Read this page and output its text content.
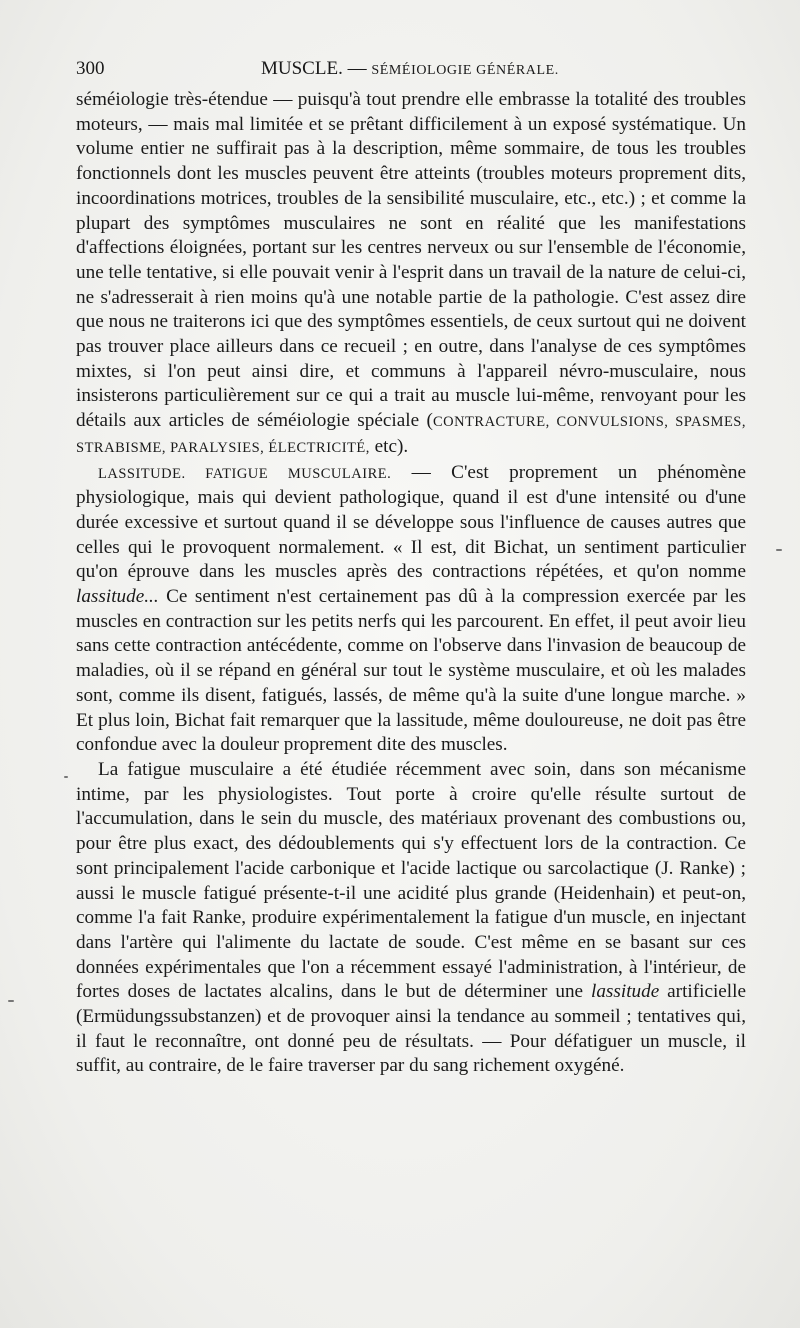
300	MUSCLE. — SÉMÉIOLOGIE GÉNÉRALE.

séméiologie très-étendue — puisqu'à tout prendre elle embrasse la totalité des troubles moteurs, — mais mal limitée et se prêtant difficilement à un exposé systématique. Un volume entier ne suffirait pas à la description, même sommaire, de tous les troubles fonctionnels dont les muscles peuvent être atteints (troubles moteurs proprement dits, incoordinations motrices, troubles de la sensibilité musculaire, etc., etc.) ; et comme la plupart des symptômes musculaires ne sont en réalité que les manifestations d'affections éloignées, portant sur les centres nerveux ou sur l'ensemble de l'économie, une telle tentative, si elle pouvait venir à l'esprit dans un travail de la nature de celui-ci, ne s'adresserait à rien moins qu'à une notable partie de la pathologie. C'est assez dire que nous ne traiterons ici que des symptômes essentiels, de ceux surtout qui ne doivent pas trouver place ailleurs dans ce recueil ; en outre, dans l'analyse de ces symptômes mixtes, si l'on peut ainsi dire, et communs à l'appareil névro-musculaire, nous insisterons particulièrement sur ce qui a trait au muscle lui-même, renvoyant pour les détails aux articles de séméiologie spéciale (CONTRACTURE, CONVULSIONS, SPASMES, STRABISME, PARALYSIES, ÉLECTRICITÉ, etc).

LASSITUDE. FATIGUE MUSCULAIRE. — C'est proprement un phénomène physiologique, mais qui devient pathologique, quand il est d'une intensité ou d'une durée excessive et surtout quand il se développe sous l'influence de causes autres que celles qui le provoquent normalement. « Il est, dit Bichat, un sentiment particulier qu'on éprouve dans les muscles après des contractions répétées, et qu'on nomme lassitude... Ce sentiment n'est certainement pas dû à la compression exercée par les muscles en contraction sur les petits nerfs qui les parcourent. En effet, il peut avoir lieu sans cette contraction antécédente, comme on l'observe dans l'invasion de beaucoup de maladies, où il se répand en général sur tout le système musculaire, et où les malades sont, comme ils disent, fatigués, lassés, de même qu'à la suite d'une longue marche. » Et plus loin, Bichat fait remarquer que la lassitude, même douloureuse, ne doit pas être confondue avec la douleur proprement dite des muscles.

La fatigue musculaire a été étudiée récemment avec soin, dans son mécanisme intime, par les physiologistes. Tout porte à croire qu'elle résulte surtout de l'accumulation, dans le sein du muscle, des matériaux provenant des combustions ou, pour être plus exact, des dédoublements qui s'y effectuent lors de la contraction. Ce sont principalement l'acide carbonique et l'acide lactique ou sarcolactique (J. Ranke) ; aussi le muscle fatigué présente-t-il une acidité plus grande (Heidenhain) et peut-on, comme l'a fait Ranke, produire expérimentalement la fatigue d'un muscle, en injectant dans l'artère qui l'alimente du lactate de soude. C'est même en se basant sur ces données expérimentales que l'on a récemment essayé l'administration, à l'intérieur, de fortes doses de lactates alcalins, dans le but de déterminer une lassitude artificielle (Ermüdungssubstanzen) et de provoquer ainsi la tendance au sommeil ; tentatives qui, il faut le reconnaître, ont donné peu de résultats. — Pour défatiguer un muscle, il suffit, au contraire, de le faire traverser par du sang richement oxygéné.
